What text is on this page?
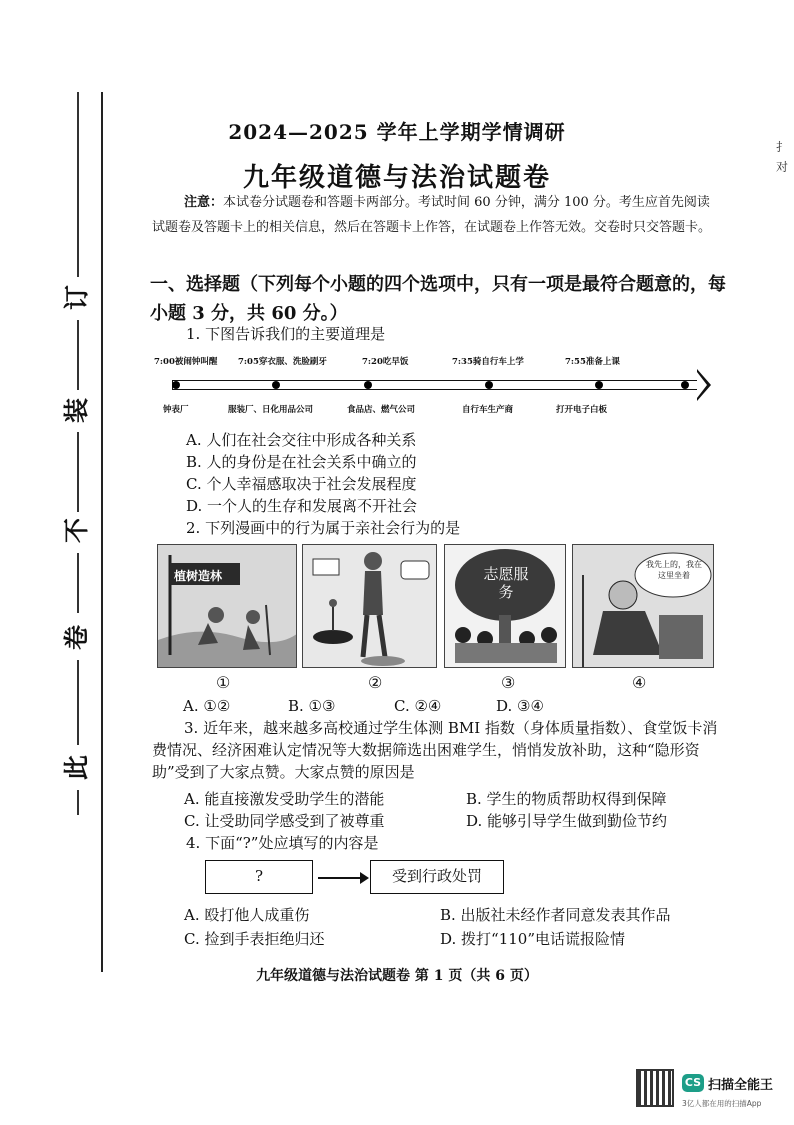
扌
对
订
装
不
卷
此
2024—2025 学年上学期学情调研
九年级道德与法治试题卷
注意：本试卷分试题卷和答题卡两部分。考试时间 60 分钟，满分 100 分。考生应首先阅读试题卷及答题卡上的相关信息，然后在答题卡上作答，在试题卷上作答无效。交卷时只交答题卡。
一、选择题（下列每个小题的四个选项中，只有一项是最符合题意的，每小题 3 分，共 60 分。）
1. 下图告诉我们的主要道理是
7:00被闹钟叫醒 7:05穿衣服、洗脸刷牙	7:20吃早饭	7:35骑自行车上学	7:55准备上课
钟表厂	服装厂、日化用品公司	食品店、燃气公司	自行车生产商	打开电子白板
A. 人们在社会交往中形成各种关系
B. 人的身份是在社会关系中确立的
C. 个人幸福感取决于社会发展程度
D. 一个人的生存和发展离不开社会
2. 下列漫画中的行为属于亲社会行为的是
植树造林	志愿服务
我先上的，我在这里坐着
①	②	③	④
A. ①②	B. ①③	C. ②④	D. ③④
3. 近年来，越来越多高校通过学生体测 BMI 指数（身体质量指数）、食堂饭卡消费情况、经济困难认定情况等大数据筛选出困难学生，悄悄发放补助，这种“隐形资助”受到了大家点赞。大家点赞的原因是
A. 能直接激发受助学生的潜能	B. 学生的物质帮助权得到保障
C. 让受助同学感受到了被尊重	D. 能够引导学生做到勤俭节约
4. 下面“?”处应填写的内容是
?	受到行政处罚
A. 殴打他人成重伤	B. 出版社未经作者同意发表其作品
C. 捡到手表拒绝归还	D. 拨打“110”电话谎报险情
九年级道德与法治试题卷 第 1 页（共 6 页）
CS 扫描全能王
3亿人都在用的扫描App
